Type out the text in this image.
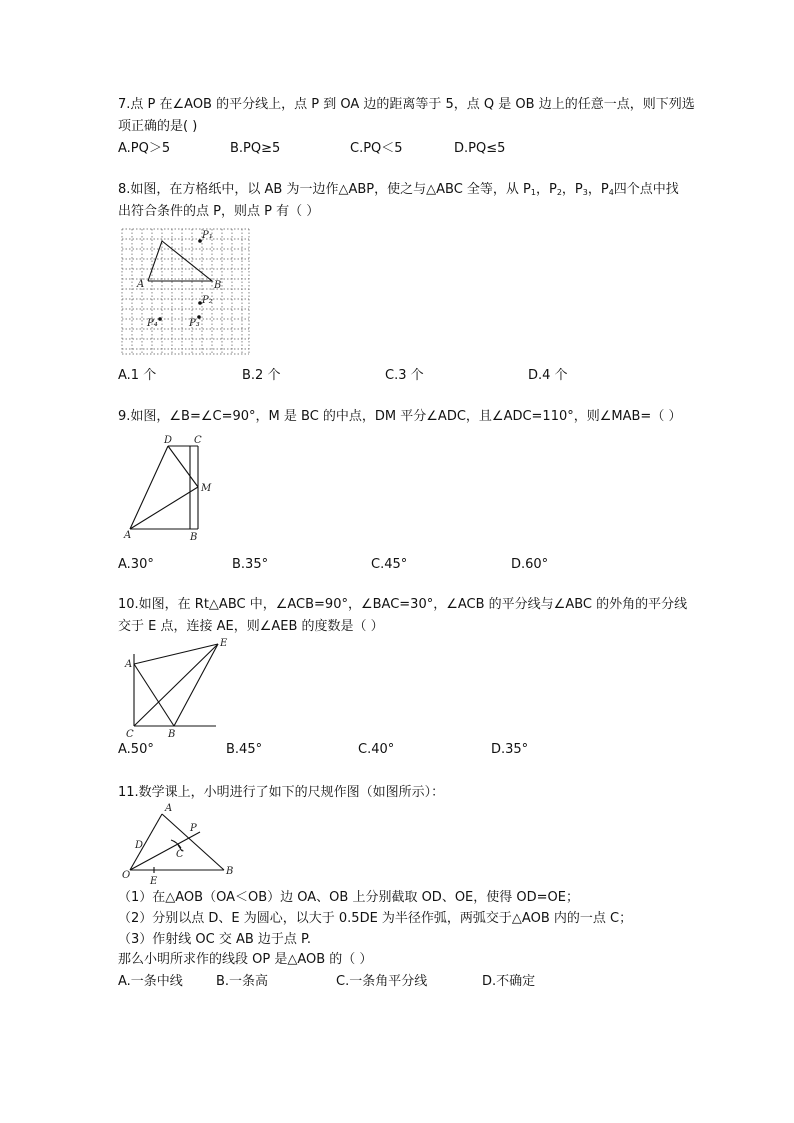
7.点 P 在∠AOB 的平分线上，点 P 到 OA 边的距离等于 5，点 Q 是 OB 边上的任意一点，则下列选
项正确的是( )
A.PQ＞5	B.PQ≥5	C.PQ＜5	D.PQ≤5
8.如图，在方格纸中，以 AB 为一边作△ABP，使之与△ABC 全等，从 $P_1$，$P_2$，$P_3$，$P_4$四个点中找
出符合条件的点 P，则点 P 有（ ）
A	B
P₁
P₂
P₃
P₄
A.1 个	B.2 个	C.3 个	D.4 个
9.如图，∠B=∠C=90°，M 是 BC 的中点，DM 平分∠ADC，且∠ADC=110°，则∠MAB=（ ）
D C
M
A	B
A.30°	B.35°	C.45°	D.60°
10.如图，在 Rt△ABC 中，∠ACB=90°，∠BAC=30°，∠ACB 的平分线与∠ABC 的外角的平分线
交于 E 点，连接 AE，则∠AEB 的度数是（ ）
A
E
C	B
A.50°	B.45°	C.40°	D.35°
11.数学课上，小明进行了如下的尺规作图（如图所示）：
A
P
D
C
O
E
B
（1）在△AOB（OA＜OB）边 OA、OB 上分别截取 OD、OE，使得 OD=OE；
（2）分别以点 D、E 为圆心，以大于 0.5DE 为半径作弧，两弧交于△AOB 内的一点 C；
（3）作射线 OC 交 AB 边于点 P.
那么小明所求作的线段 OP 是△AOB 的（ ）
A.一条中线	B.一条高	C.一条角平分线	D.不确定
